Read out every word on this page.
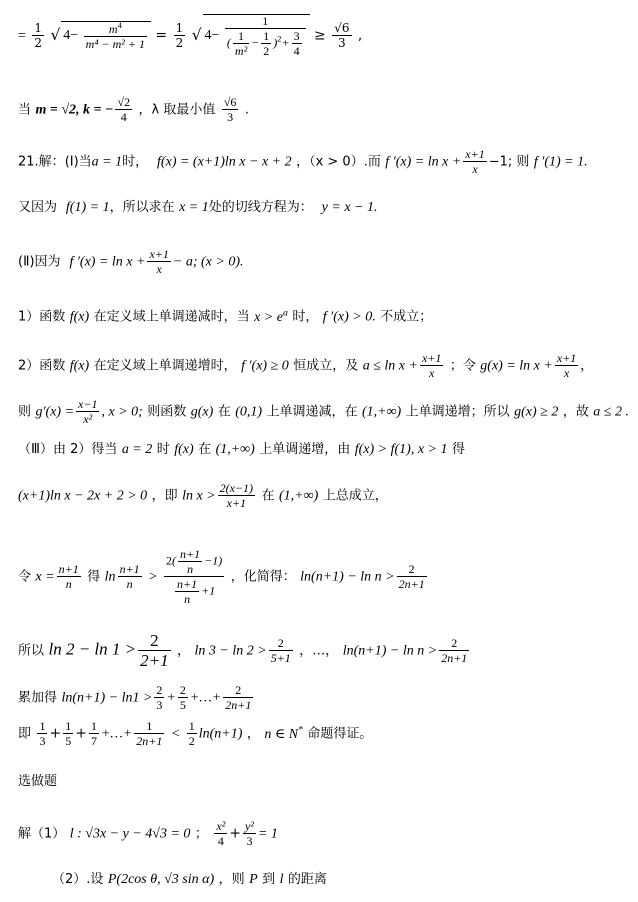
= $\frac{1}{2}$ √ $4- \frac{m^4}{\text{m⁴ − m² + 1}} = \frac{1}{2}$ √ $4- \frac{1}{( \frac{1}{\text{m²}} - \frac{1}{2} )^2+ \frac{3}{4}} \ge \frac{√6}{3}$ ,
当 m = √2, k = − $\frac{√2}{4}$ ，λ 取最小值 $\frac{√6}{3}$ .
21.解：(Ⅰ)当a = 1时， f(x) = (x+1)ln x − x + 2 ，（x > 0）.而 f $'(x) = \ln x + \frac{x+1}{x} -1$; 则 f ′(1) = 1.
又因为 f(1) = 1，所以求在 x = 1处的切线方程为： y = x − 1.
(Ⅱ)因为 f $'(x) = \ln x + \frac{x+1}{x} - a$; (x > 0).
1）函数 f(x) 在定义域上单调递减时，当 $x > e^a$ 时， f ′(x) > 0. 不成立；
2）函数 f(x) 在定义域上单调递增时， f ′(x) ≥ 0 恒成立，及 $a \le \ln x + \frac{x+1}{x}$ ；令 $g(x) = \ln x + \frac{x+1}{x}$ ，
则 $g'(x) = \frac{x-1}{\text{x²}}$ , x > 0; 则函数 g(x) 在 (0,1) 上单调递减，在 (1,+∞) 上单调递增；所以 g(x) ≥ 2 ，故 a ≤ 2 .
（Ⅲ）由 2）得当 a = 2 时 f(x) 在 (1,+∞) 上单调递增，由 f(x) > f(1), x > 1 得
(x+1)ln x − 2x + 2 > 0 ，即 $\ln x > \frac{2(x-1)}{x+1}$ 在 (1,+∞) 上总成立，
令 $x = \frac{n+1}{n}$ 得 $\ln \frac{n+1}{n} > \frac{2( \frac{n+1}{n} -1)}{\frac{n+1}{n} +1}$ ，化简得： $\ln(n+1) - \ln n > \frac{2}{2n+1}$
所以 $\ln 2 - \ln 1 > \frac{2}{2+1}$ ， $\ln 3 - \ln 2 > \frac{2}{5+1}$ ，…， $\ln(n+1) - \ln n > \frac{2}{2n+1}$
累加得 $\ln(n+1) - \ln 1 > \frac{2}{3} + \frac{2}{5}$ +…+ $\frac{2}{2n+1}$
即 $\frac{1}{3} + \frac{1}{5} + \frac{1}{7}$ +…+ $\frac{1}{2n+1} < \frac{1}{2} \ln(n+1)$ ， n ∈ N* 命题得证。
选做题
解（1） l : √3x − y − 4√3 = 0 ； $\frac{\text{x²}}{4} + \frac{\text{y²}}{3} = 1$
（2）.设 P(2cos θ, √3 sin α) ，则 P 到 l 的距离
